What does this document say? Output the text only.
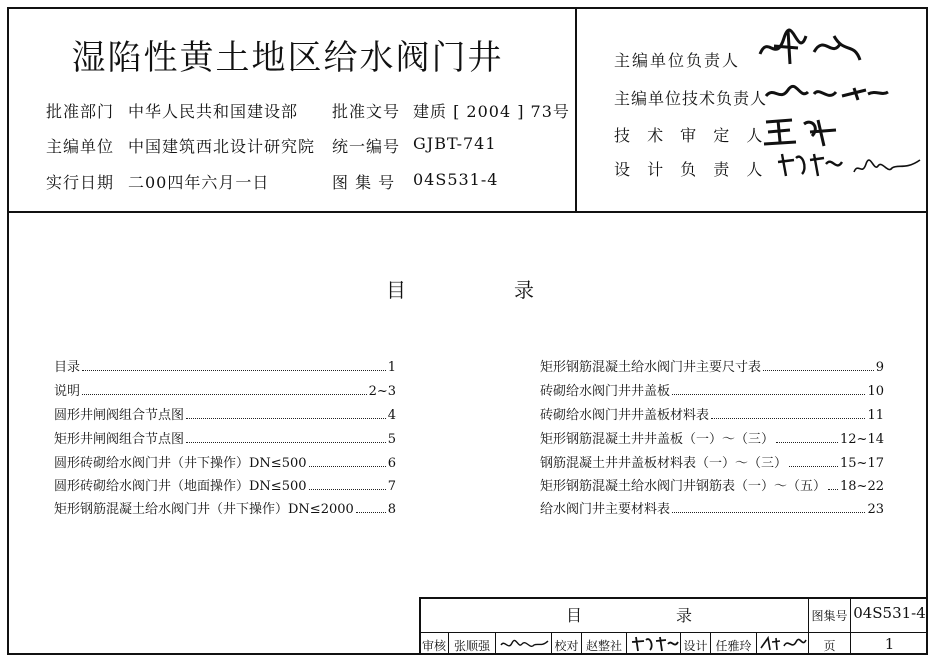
湿陷性黄土地区给水阀门井
批准部门 中华人民共和国建设部 批准文号 建质 [ 2004 ] 73号
主编单位 中国建筑西北设计研究院 统一编号 GJBT-741
实行日期 二00四年六月一日	图 集 号 04S531-4
主编单位负责人
主编单位技术负责人
技 术 审 定 人
设 计 负 责 人
目	录
目录	1
说明	2~3
圆形井闸阀组合节点图	4
矩形井闸阀组合节点图	5
圆形砖砌给水阀门井（井下操作）DN≤500	6
圆形砖砌给水阀门井（地面操作）DN≤500	7
矩形钢筋混凝土给水阀门井（井下操作）DN≤2000	8
矩形钢筋混凝土给水阀门井主要尺寸表	9
砖砌给水阀门井井盖板	10
砖砌给水阀门井井盖板材料表	11
矩形钢筋混凝土井井盖板（一）～（三）	12~14
钢筋混凝土井井盖板材料表（一）～（三）	15~17
矩形钢筋混凝土给水阀门井钢筋表（一）～（五） 18~22
给水阀门井主要材料表	23
目	录	图集号 04S531-4
页	1
审核 张顺强	校对 赵整社	设计 任雅玲
